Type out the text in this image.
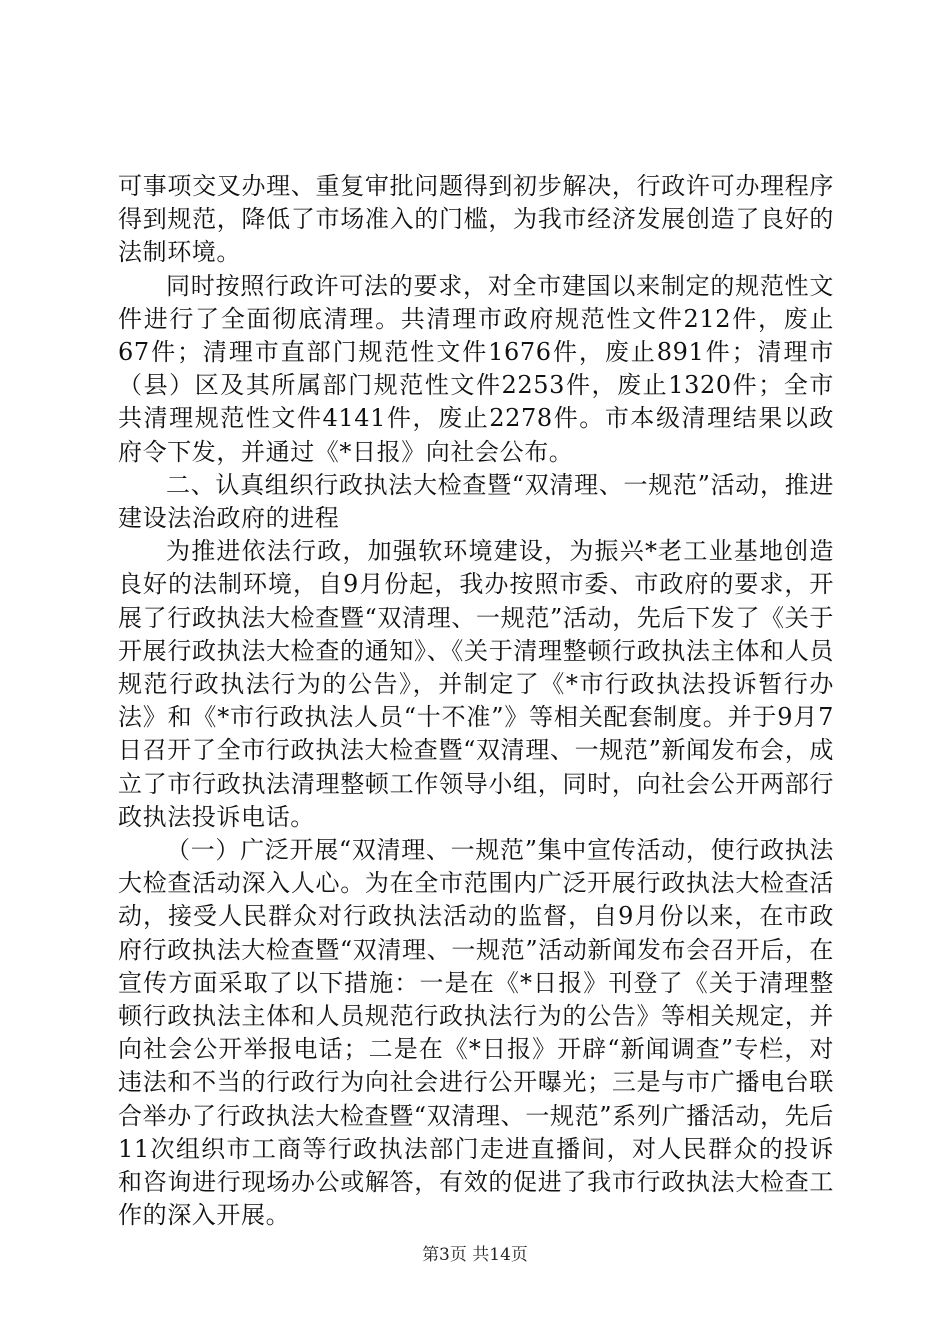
可事项交叉办理、重复审批问题得到初步解决，行政许可办理程序得到规范，降低了市场准入的门槛，为我市经济发展创造了良好的法制环境。

同时按照行政许可法的要求，对全市建国以来制定的规范性文件进行了全面彻底清理。共清理市政府规范性文件212件，废止67件；清理市直部门规范性文件1676件，废止891件；清理市（县）区及其所属部门规范性文件2253件，废止1320件；全市共清理规范性文件4141件，废止2278件。市本级清理结果以政府令下发，并通过《*日报》向社会公布。

二、认真组织行政执法大检查暨“双清理、一规范”活动，推进建设法治政府的进程

为推进依法行政，加强软环境建设，为振兴*老工业基地创造良好的法制环境，自9月份起，我办按照市委、市政府的要求，开展了行政执法大检查暨“双清理、一规范”活动，先后下发了《关于开展行政执法大检查的通知》、《关于清理整顿行政执法主体和人员规范行政执法行为的公告》，并制定了《*市行政执法投诉暂行办法》和《*市行政执法人员“十不准”》等相关配套制度。并于9月7日召开了全市行政执法大检查暨“双清理、一规范”新闻发布会，成立了市行政执法清理整顿工作领导小组，同时，向社会公开两部行政执法投诉电话。

（一）广泛开展“双清理、一规范”集中宣传活动，使行政执法大检查活动深入人心。为在全市范围内广泛开展行政执法大检查活动，接受人民群众对行政执法活动的监督，自9月份以来，在市政府行政执法大检查暨“双清理、一规范”活动新闻发布会召开后，在宣传方面采取了以下措施：一是在《*日报》刊登了《关于清理整顿行政执法主体和人员规范行政执法行为的公告》等相关规定，并向社会公开举报电话；二是在《*日报》开辟“新闻调查”专栏，对违法和不当的行政行为向社会进行公开曝光；三是与市广播电台联合举办了行政执法大检查暨“双清理、一规范”系列广播活动，先后11次组织市工商等行政执法部门走进直播间，对人民群众的投诉和咨询进行现场办公或解答，有效的促进了我市行政执法大检查工作的深入开展。

第3页 共14页
